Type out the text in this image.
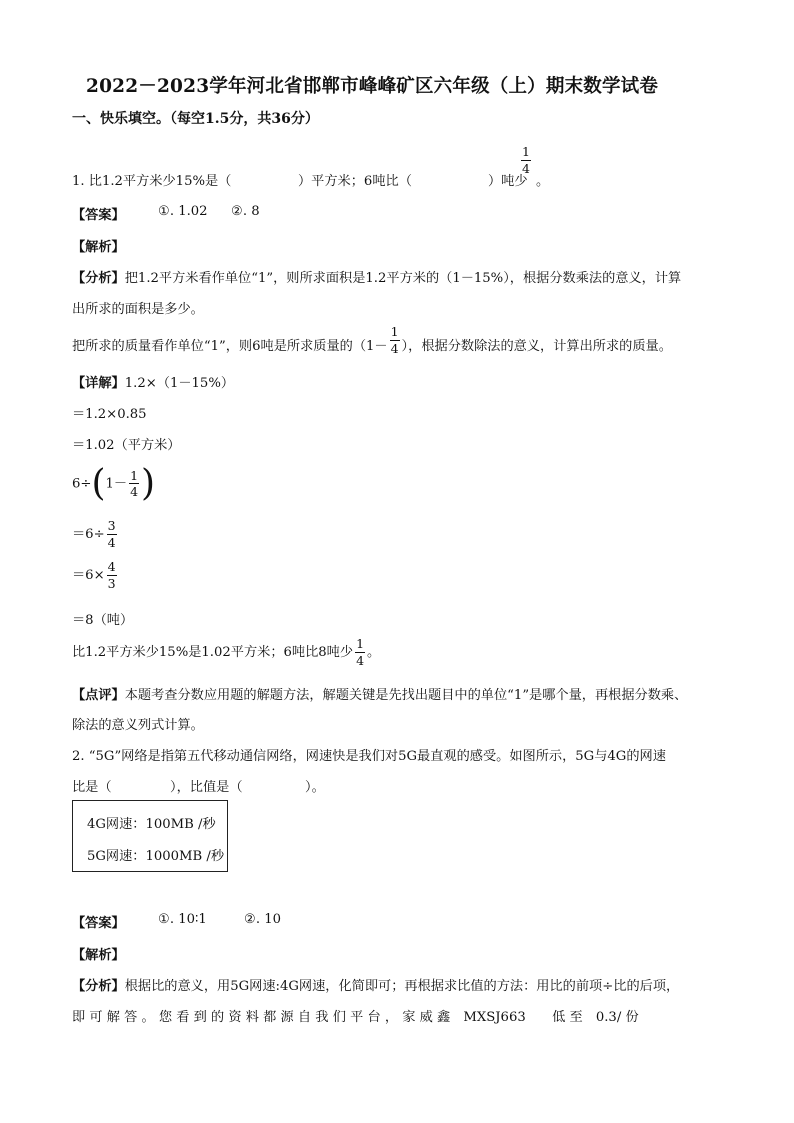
2022－2023学年河北省邯郸市峰峰矿区六年级（上）期末数学试卷
一、快乐填空。（每空1.5分，共36分）
1. 比1.2平方米少15%是（	）平方米；6吨比（	）吨少
$\frac{1}{4}$
。
【答案】	①. 1.02 ②. 8
【解析】
【分析】把1.2平方米看作单位“1”，则所求面积是1.2平方米的（1－15%），根据分数乘法的意义，计算
出所求的面积是多少。
把所求的质量看作单位“1”，则6吨是所求质量的（$1- \frac{1}{4}$ ），根据分数除法的意义，计算出所求的质量。
【详解】1.2×（1－15%）
＝1.2×0.85
＝1.02（平方米）
$6\div(1- \frac{1}{4}$ )
$=6\div \frac{3}{4}$
$=6\times \frac{4}{3}$
＝8（吨）
比1.2平方米少15%是1.02平方米；6吨比8吨少 $\frac{1}{4}$ 。
【点评】本题考查分数应用题的解题方法，解题关键是先找出题目中的单位“1”是哪个量，再根据分数乘、
除法的意义列式计算。
2. “5G”网络是指第五代移动通信网络，网速快是我们对5G最直观的感受。如图所示，5G与4G的网速
比是（	），比值是（	）。
4G网速：100MB /秒
5G网速：1000MB /秒
【答案】	①. 10∶1	②. 10
【解析】
【分析】根据比的意义，用5G网速:4G网速，化简即可；再根据求比值的方法：用比的前项÷比的后项，
即 可 解 答 。 您 看 到 的 资 料 都 源 自 我 们 平 台 ， 家 威 鑫　MXSJ663　　低 至　0.3/ 份
